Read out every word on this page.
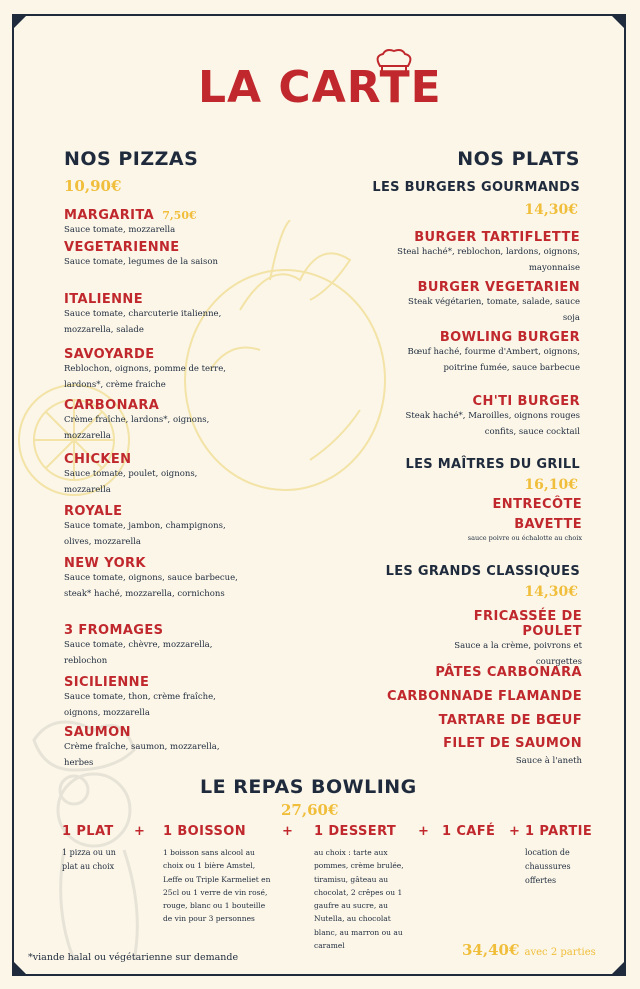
LA CARTE
NOS PIZZAS
10,90€
MARGARITA 7,50€
Sauce tomate, mozzarella
VEGETARIENNE
Sauce tomate, legumes de la saison
ITALIENNE
Sauce tomate, charcuterie italienne, mozzarella, salade
SAVOYARDE
Reblochon, oignons, pomme de terre, lardons*, crème fraiche
CARBONARA
Crème fraîche, lardons*, oignons, mozzarella
CHICKEN
Sauce tomate, poulet, oignons, mozzarella
ROYALE
Sauce tomate, jambon, champignons, olives, mozzarella
NEW YORK
Sauce tomate, oignons, sauce barbecue, steak* haché, mozzarella, cornichons
3 FROMAGES
Sauce tomate, chèvre, mozzarella, reblochon
SICILIENNE
Sauce tomate, thon, crème fraîche, oignons, mozzarella
SAUMON
Crème fraîche, saumon, mozzarella, herbes
NOS PLATS
LES BURGERS GOURMANDS
14,30€
BURGER TARTIFLETTE
Steal haché*, reblochon, lardons, oignons, mayonnaise
BURGER VEGETARIEN
Steak végétarien, tomate, salade, sauce soja
BOWLING BURGER
Bœuf haché, fourme d'Ambert, oignons, poitrine fumée, sauce barbecue
CH'TI BURGER
Steak haché*, Maroilles, oignons rouges confits, sauce cocktail
LES MAÎTRES DU GRILL
16,10€
ENTRECÔTE
BAVETTE
sauce poivre ou échalotte au choix
LES GRANDS CLASSIQUES
14,30€
FRICASSÉE DE POULET
Sauce a la crème, poivrons et courgettes
PÂTES CARBONARA
CARBONNADE FLAMANDE
TARTARE DE BŒUF
FILET DE SAUMON
Sauce à l'aneth
LE REPAS BOWLING
27,60€
1 PLAT + 1 BOISSON	+ 1 DESSERT + 1 CAFÉ + 1 PARTIE
1 pizza ou un plat au choix
1 boisson sans alcool au choix ou 1 bière Amstel, Leffe ou Triple Karmeliet en 25cl ou 1 verre de vin rosé, rouge, blanc ou 1 bouteille de vin pour 3 personnes
au choix : tarte aux pommes, crème brulée, tiramisu, gâteau au chocolat, 2 crêpes ou 1 gaufre au sucre, au Nutella, au chocolat blanc, au marron ou au caramel
location de chaussures offertes
*viande halal ou végétarienne sur demande	34,40€ avec 2 parties
